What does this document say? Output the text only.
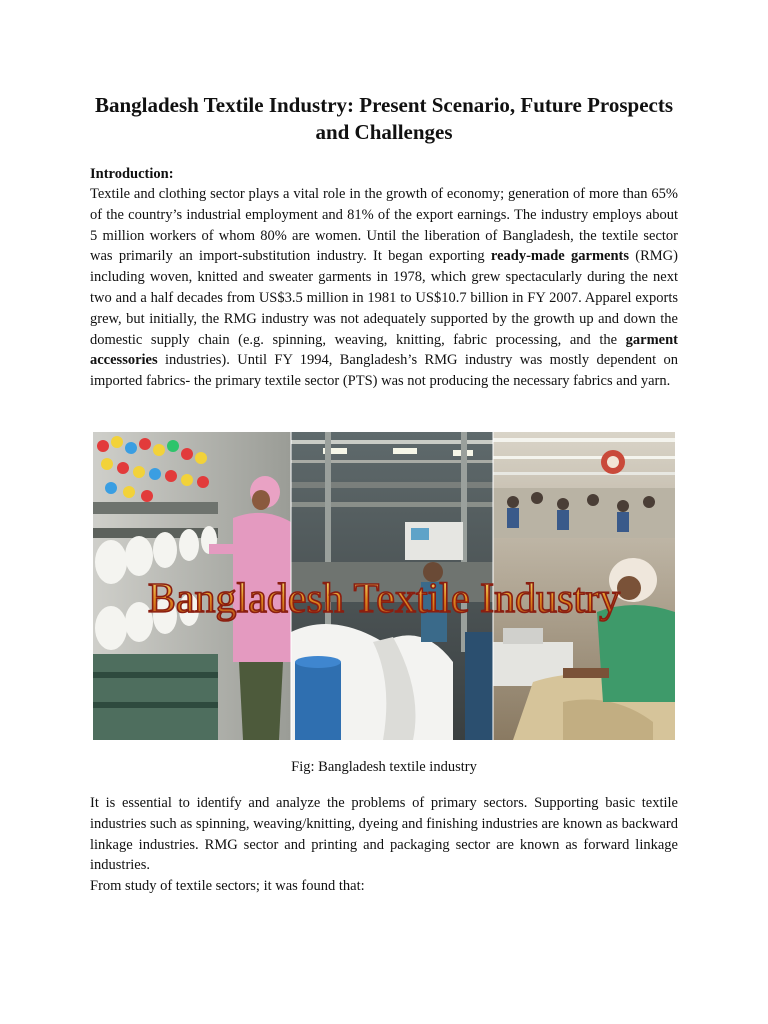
Bangladesh Textile Industry: Present Scenario, Future Prospects and Challenges

Introduction:

Textile and clothing sector plays a vital role in the growth of economy; generation of more than 65% of the country’s industrial employment and 81% of the export earnings. The industry employs about 5 million workers of whom 80% are women. Until the liberation of Bangladesh, the textile sector was primarily an import-substitution industry. It began exporting ready-made garments (RMG) including woven, knitted and sweater garments in 1978, which grew spectacularly during the next two and a half decades from US$3.5 million in 1981 to US$10.7 billion in FY 2007. Apparel exports grew, but initially, the RMG industry was not adequately supported by the growth up and down the domestic supply chain (e.g. spinning, weaving, knitting, fabric processing, and the garment accessories industries). Until FY 1994, Bangladesh’s RMG industry was mostly dependent on imported fabrics- the primary textile sector (PTS) was not producing the necessary fabrics and yarn.

Bangladesh Textile Industry

Fig: Bangladesh textile industry

It is essential to identify and analyze the problems of primary sectors. Supporting basic textile industries such as spinning, weaving/knitting, dyeing and finishing industries are known as backward linkage industries. RMG sector and printing and packaging sector are known as forward linkage industries.

From study of textile sectors; it was found that:
